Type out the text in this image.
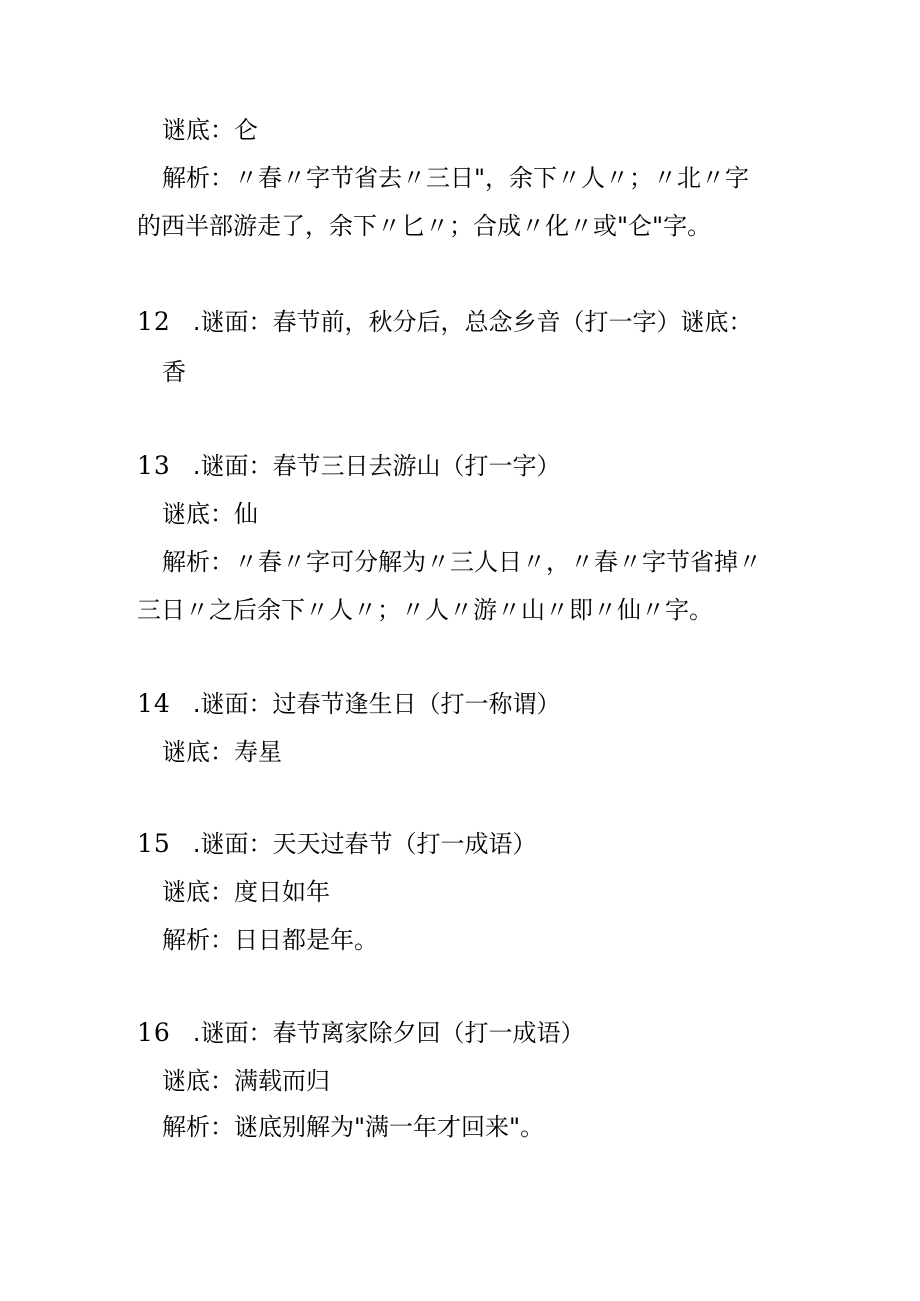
谜底：仑
解析：〃春〃字节省去〃三日"，余下〃人〃；〃北〃字
的西半部游走了，余下〃匕〃；合成〃化〃或"仑"字。
12 .谜面：春节前，秋分后，总念乡音（打一字）谜底：
香
13 .谜面：春节三日去游山（打一字）
谜底：仙
解析：〃春〃字可分解为〃三人日〃，〃春〃字节省掉〃
三日〃之后余下〃人〃；〃人〃游〃山〃即〃仙〃字。
14 .谜面：过春节逢生日（打一称谓）
谜底：寿星
15 .谜面：天天过春节（打一成语）
谜底：度日如年
解析：日日都是年。
16 .谜面：春节离家除夕回（打一成语）
谜底：满载而归
解析：谜底别解为"满一年才回来"。
